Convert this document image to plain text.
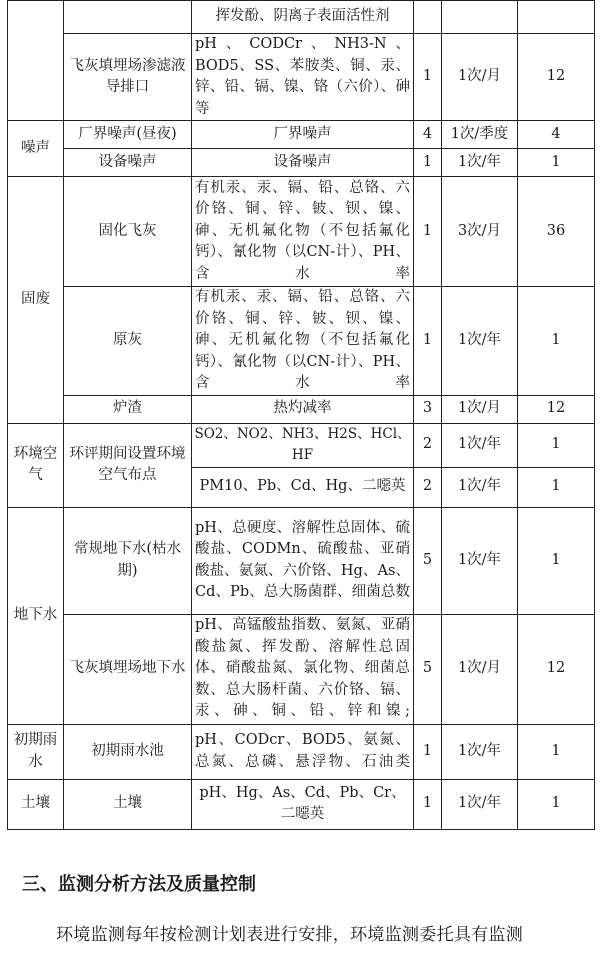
		挥发酚、阴离子表面活性剂			
	飞灰填埋场渗滤液导排口	pH、CODCr、NH3-N、BOD5、SS、苯胺类、铜、汞、锌、铅、镉、镍、铬（六价）、砷等	1	1次/月	12
噪声	厂界噪声(昼夜)	厂界噪声	4	1次/季度	4
	设备噪声	设备噪声	1	1次/年	1
固废	固化飞灰	有机汞、汞、镉、铅、总铬、六价铬、铜、锌、铍、钡、镍、砷、无机氟化物（不包括氟化钙）、氰化物（以CN-计）、PH、含水率	1	3次/月	36
	原灰	有机汞、汞、镉、铅、总铬、六价铬、铜、锌、铍、钡、镍、砷、无机氟化物（不包括氟化钙）、氰化物（以CN-计）、PH、含水率	1	1次/年	1
	炉渣	热灼减率	3	1次/月	12
环境空气	环评期间设置环境空气布点	SO2、NO2、NH3、H2S、HCl、HF	2	1次/年	1
		PM10、Pb、Cd、Hg、二噁英	2	1次/年	1
地下水	常规地下水(枯水期)	pH、总硬度、溶解性总固体、硫酸盐、CODMn、硫酸盐、亚硝酸盐、氨氮、六价铬、Hg、As、Cd、Pb、总大肠菌群、细菌总数	5	1次/年	1
	飞灰填埋场地下水	pH、高锰酸盐指数、氨氮、亚硝酸盐氮、挥发酚、溶解性总固体、硝酸盐氮、氯化物、细菌总数、总大肠杆菌、六价铬、镉、汞、砷、铜、铅、锌和镍;	5	1次/月	12
初期雨水	初期雨水池	pH、CODcr、BOD5、氨氮、总氮、总磷、悬浮物、石油类	1	1次/年	1
土壤	土壤	pH、Hg、As、Cd、Pb、Cr、二噁英	1	1次/年	1
三、监测分析方法及质量控制

环境监测每年按检测计划表进行安排，环境监测委托具有监测
